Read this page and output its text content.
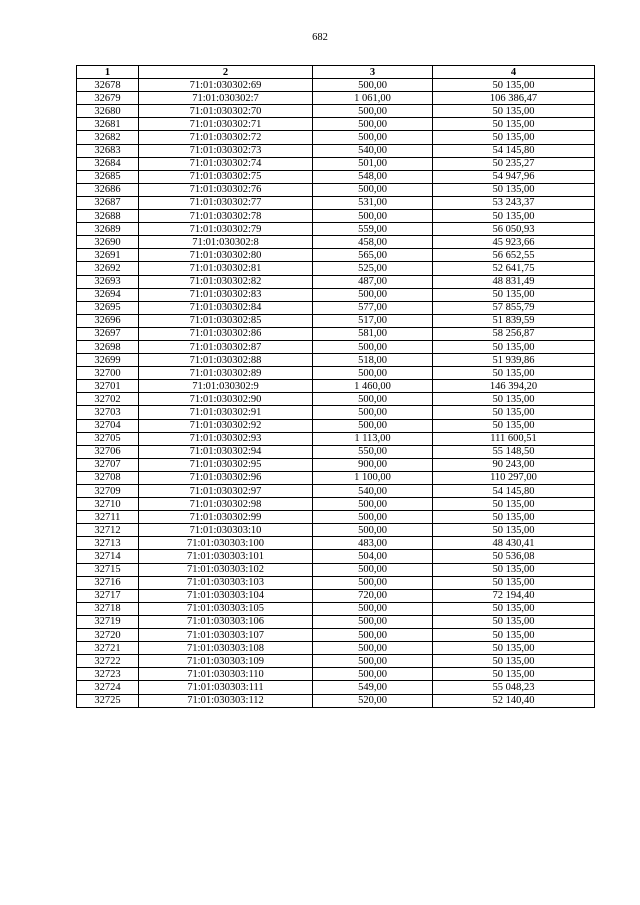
682
1	2	3	4
32678	71:01:030302:69	500,00	50 135,00
32679	71:01:030302:7	1 061,00	106 386,47
32680	71:01:030302:70	500,00	50 135,00
32681	71:01:030302:71	500,00	50 135,00
32682	71:01:030302:72	500,00	50 135,00
32683	71:01:030302:73	540,00	54 145,80
32684	71:01:030302:74	501,00	50 235,27
32685	71:01:030302:75	548,00	54 947,96
32686	71:01:030302:76	500,00	50 135,00
32687	71:01:030302:77	531,00	53 243,37
32688	71:01:030302:78	500,00	50 135,00
32689	71:01:030302:79	559,00	56 050,93
32690	71:01:030302:8	458,00	45 923,66
32691	71:01:030302:80	565,00	56 652,55
32692	71:01:030302:81	525,00	52 641,75
32693	71:01:030302:82	487,00	48 831,49
32694	71:01:030302:83	500,00	50 135,00
32695	71:01:030302:84	577,00	57 855,79
32696	71:01:030302:85	517,00	51 839,59
32697	71:01:030302:86	581,00	58 256,87
32698	71:01:030302:87	500,00	50 135,00
32699	71:01:030302:88	518,00	51 939,86
32700	71:01:030302:89	500,00	50 135,00
32701	71:01:030302:9	1 460,00	146 394,20
32702	71:01:030302:90	500,00	50 135,00
32703	71:01:030302:91	500,00	50 135,00
32704	71:01:030302:92	500,00	50 135,00
32705	71:01:030302:93	1 113,00	111 600,51
32706	71:01:030302:94	550,00	55 148,50
32707	71:01:030302:95	900,00	90 243,00
32708	71:01:030302:96	1 100,00	110 297,00
32709	71:01:030302:97	540,00	54 145,80
32710	71:01:030302:98	500,00	50 135,00
32711	71:01:030302:99	500,00	50 135,00
32712	71:01:030303:10	500,00	50 135,00
32713	71:01:030303:100	483,00	48 430,41
32714	71:01:030303:101	504,00	50 536,08
32715	71:01:030303:102	500,00	50 135,00
32716	71:01:030303:103	500,00	50 135,00
32717	71:01:030303:104	720,00	72 194,40
32718	71:01:030303:105	500,00	50 135,00
32719	71:01:030303:106	500,00	50 135,00
32720	71:01:030303:107	500,00	50 135,00
32721	71:01:030303:108	500,00	50 135,00
32722	71:01:030303:109	500,00	50 135,00
32723	71:01:030303:110	500,00	50 135,00
32724	71:01:030303:111	549,00	55 048,23
32725	71:01:030303:112	520,00	52 140,40
